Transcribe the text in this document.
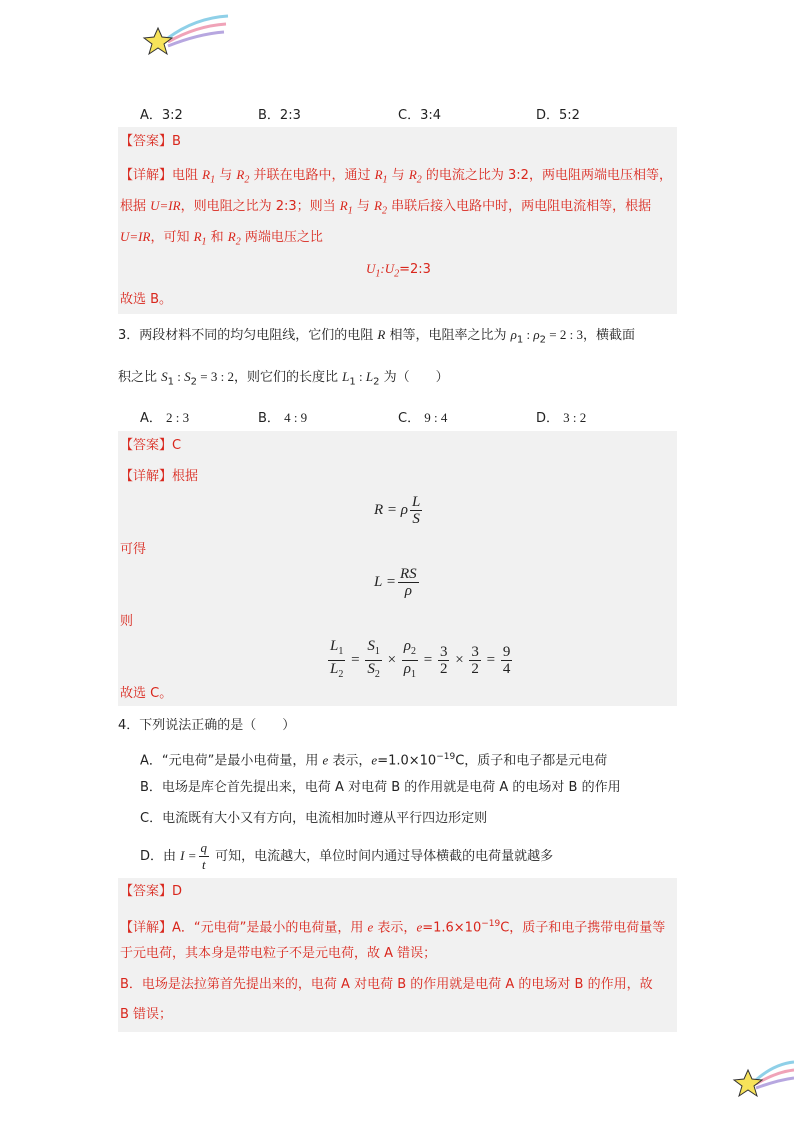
A．3:2	B．2:3	C．3:4	D．5:2
【答案】B
【详解】电阻 $R_1$ 与 $R_2$ 并联在电路中，通过 $R_1$ 与 $R_2$ 的电流之比为 3:2，两电阻两端电压相等，
根据 U=IR，则电阻之比为 2:3；则当 $R_1$ 与 $R_2$ 串联后接入电路中时，两电阻电流相等，根据
U=IR，可知 $R_1$ 和 $R_2$ 两端电压之比
$U_1:U_2=2:3$
故选 B。
3．两段材料不同的均匀电阻线，它们的电阻 R 相等，电阻率之比为 $\rho_1$ : $\rho_2 = 2$ : 3，横截面
积之比 $S_1$ : $S_2 = 3$ : 2，则它们的长度比 $L_1$ : $L_2$ 为（　　）
A． 2 : 3	B． 4 : 9	C． 9 : 4	D． 3 : 2
【答案】C
【详解】根据
R = ρ $\frac{L}{S}$
可得
$L = \frac{RS}{\rho}$
则
$\frac{L_1}{L_2} = \frac{S_1}{S_2} \times \frac{\rho_2}{\rho_1} = \frac{3}{2} \times \frac{3}{2} = \frac{9}{4}$
故选 C。
4．下列说法正确的是（　　）
A．“元电荷”是最小电荷量，用 e 表示，$e=1.0\times 10^{-19}C$，质子和电子都是元电荷
B．电场是库仑首先提出来，电荷 A 对电荷 B 的作用就是电荷 A 的电场对 B 的作用
C．电流既有大小又有方向，电流相加时遵从平行四边形定则
D．由 $I = \frac{q}{t}$ 可知，电流越大，单位时间内通过导体横截的电荷量就越多
【答案】D
【详解】A．“元电荷”是最小的电荷量，用 e 表示，$e=1.6\times 10^{-19}C$，质子和电子携带电荷量等
于元电荷，其本身是带电粒子不是元电荷，故 A 错误；
B．电场是法拉第首先提出来的，电荷 A 对电荷 B 的作用就是电荷 A 的电场对 B 的作用，故
B 错误；
